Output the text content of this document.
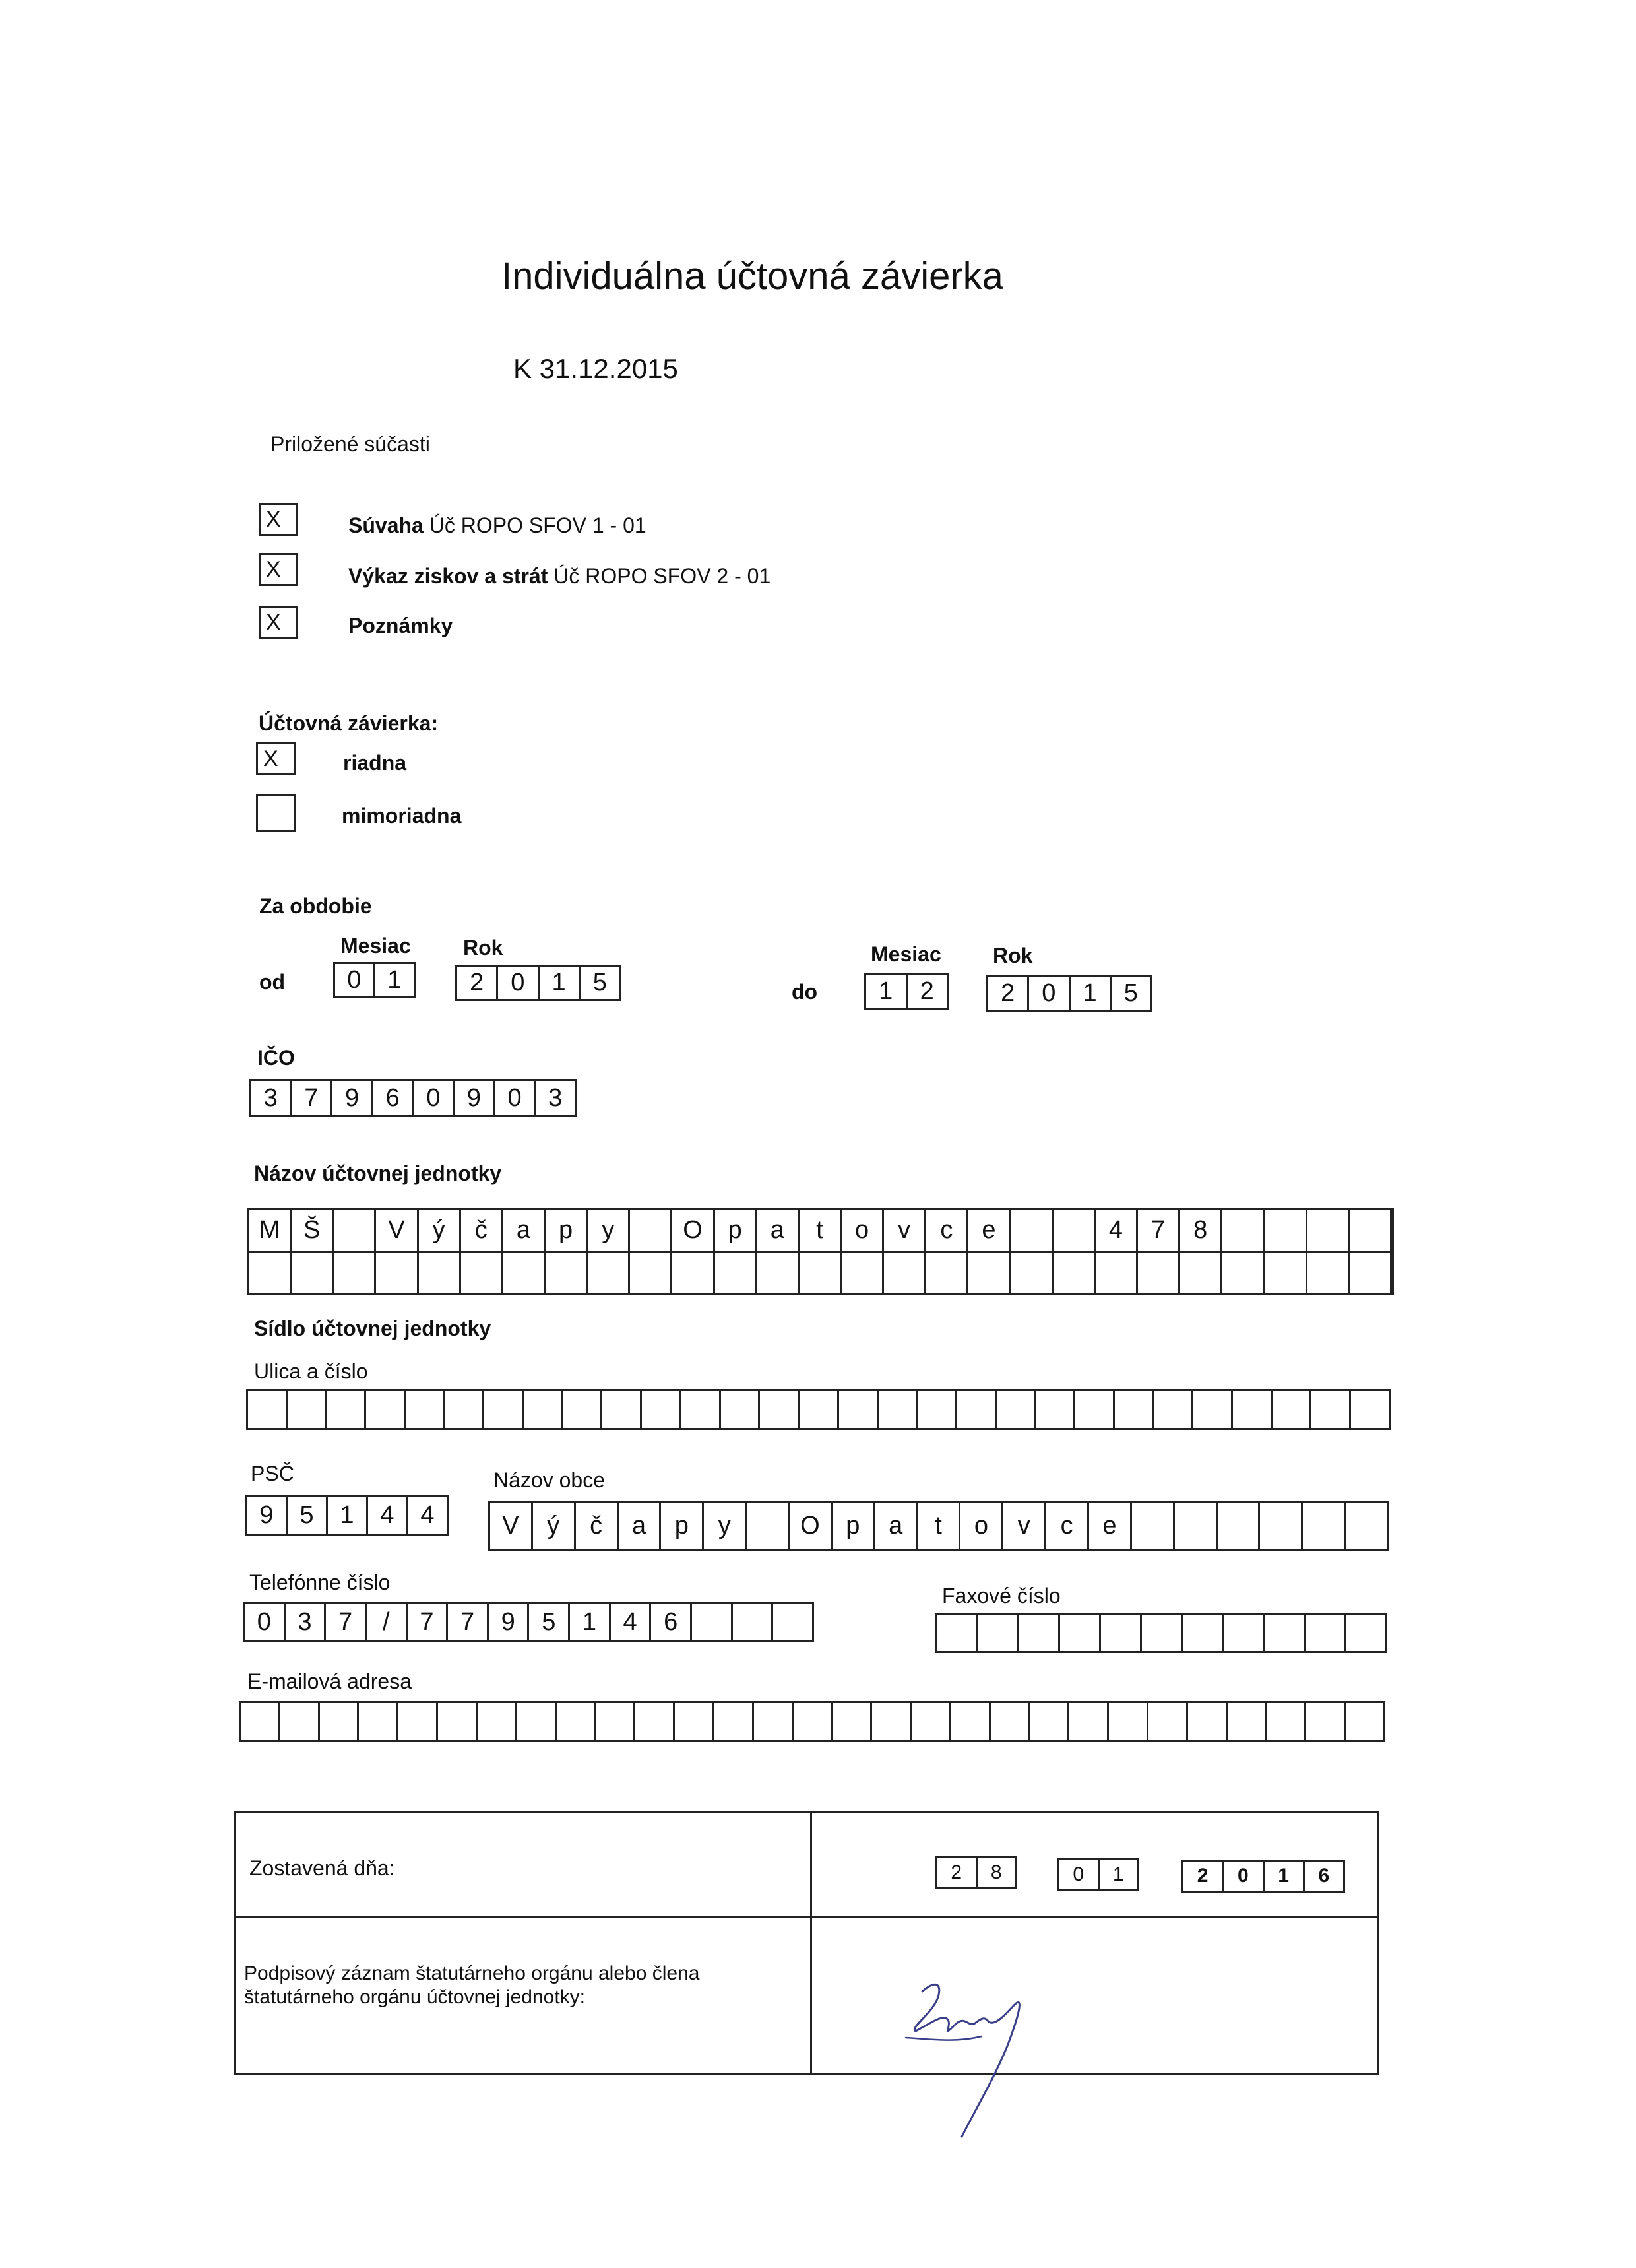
Individuálna účtovná závierka
K 31.12.2015
Priložené súčasti
X	Súvaha Úč ROPO SFOV 1 - 01
X	Výkaz ziskov a strát Úč ROPO SFOV 2 - 01
X	Poznámky
Účtovná závierka:
X	riadna
mimoriadna
Za obdobie
Mesiac Rok
od	0	1	2	0	1	5
Mesiac Rok
do	1	2	2	0	1	5
IČO
3	7	9	6	0	9	0	3
Názov účtovnej jednotky
M Š	V	ý	č	a	p	y	O	p	a	t	o	v	c	e	4	7	8
Sídlo účtovnej jednotky
Ulica a číslo
PSČ
9	5	1	4	4
Názov obce
V	ý	č	a	p	y	O	p	a	t	o	v	c	e
Telefónne číslo
0	3	7	/	7	7	9	5	1	4	6
Faxové číslo
E-mailová adresa
Zostavená dňa:	2	8	0	1	2	0	1	6
Podpisový záznam štatutárneho orgánu alebo člena štatutárneho orgánu účtovnej jednotky:
